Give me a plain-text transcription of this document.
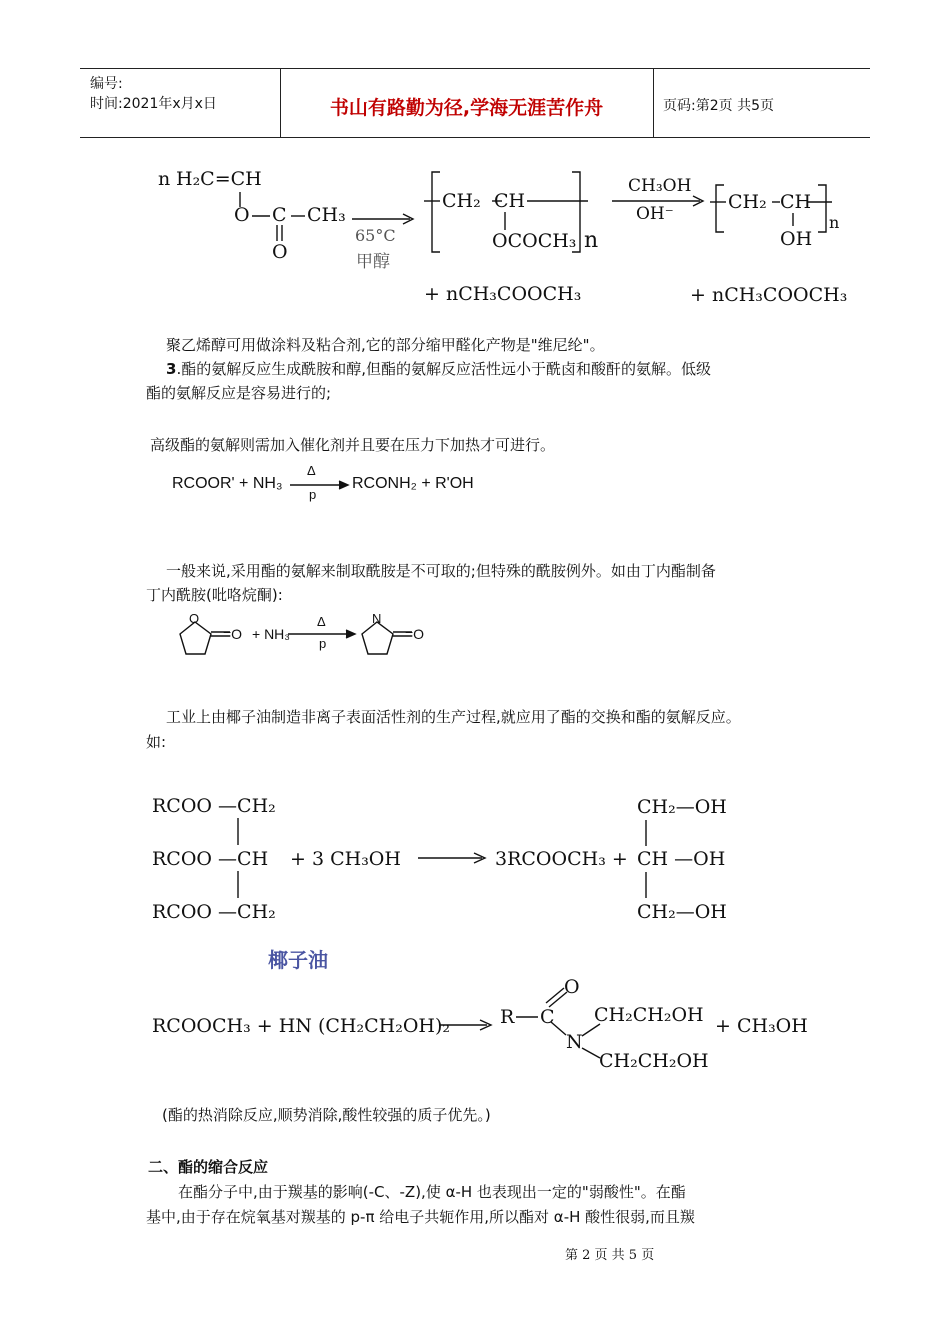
编号:
时间:2021年x月x日	书山有路勤为径,学海无涯苦作舟	页码:第2页 共5页
n H₂C=CH
O C CH₃
O
65°C
甲醇
CH₂ CH
OCOCH₃ n
CH₃OH
OH⁻
CH₂ CH
OH
n
+ nCH₃COOCH₃	+ nCH₃COOCH₃
聚乙烯醇可用做涂料及粘合剂,它的部分缩甲醛化产物是"维尼纶"。
3.酯的氨解反应生成酰胺和醇,但酯的氨解反应活性远小于酰卤和酸酐的氨解。低级
酯的氨解反应是容易进行的;
高级酯的氨解则需加入催化剂并且要在压力下加热才可进行。
RCOOR' + NH₃
Δ
p
RCONH₂ + R'OH
一般来说,采用酯的氨解来制取酰胺是不可取的;但特殊的酰胺例外。如由丁内酯制备
丁内酰胺(吡咯烷酮):
O
=O + NH₃
Δ
p
N
=O
工业上由椰子油制造非离子表面活性剂的生产过程,就应用了酯的交换和酯的氨解反应。
如:
RCOO —CH₂
RCOO —CH
RCOO —CH₂
+ 3 CH₃OH	3RCOOCH₃ +
CH₂—OH
CH —OH
CH₂—OH
椰子油
RCOOCH₃ + HN (CH₂CH₂OH)₂	R C
O
N
CH₂CH₂OH
CH₂CH₂OH
+ CH₃OH
(酯的热消除反应,顺势消除,酸性较强的质子优先。)
二、酯的缩合反应
在酯分子中,由于羰基的影响(-C、-Z),使 α-H 也表现出一定的"弱酸性"。在酯
基中,由于存在烷氧基对羰基的 p-π 给电子共轭作用,所以酯对 α-H 酸性很弱,而且羰
第 2 页 共 5 页
